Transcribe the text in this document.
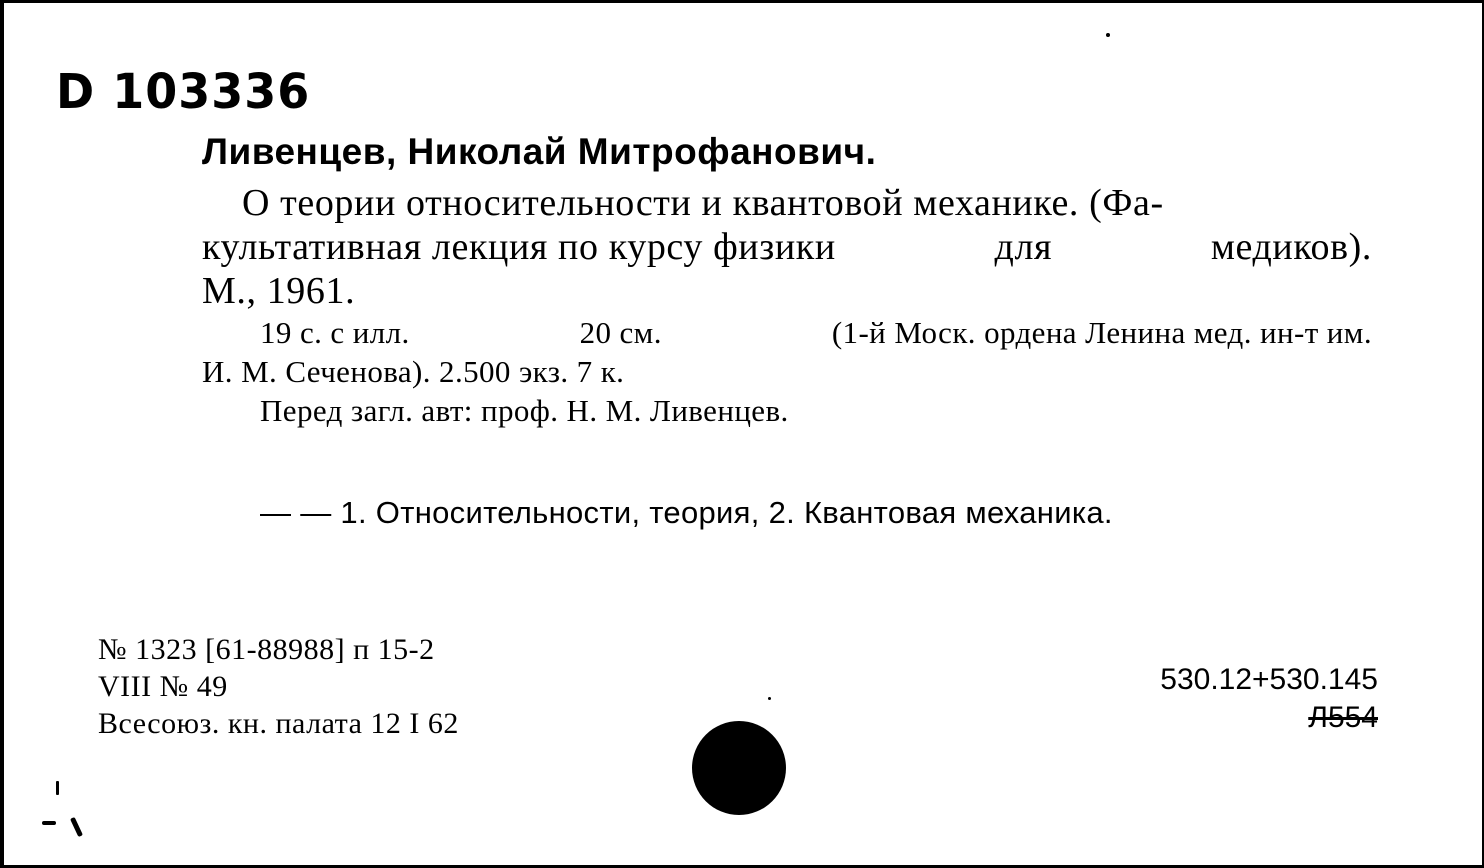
D 103336
Ливенцев, Николай Митрофанович.
О теории относительности и квантовой механике. (Фа-
культативная лекция по курсу физики	для	медиков).
М., 1961.
19 с. с илл.	20 см.	(1-й Моск. ордена Ленина мед. ин-т им.
И. М. Сеченова). 2.500 экз. 7 к.
Перед загл. авт: проф. Н. М. Ливенцев.
— — 1. Относительности, теория, 2. Квантовая механика.
№ 1323 [61-88988] п 15-2
VIII № 49
Всесоюз. кн. палата 12 I 62
530.12+530.145
Л554
